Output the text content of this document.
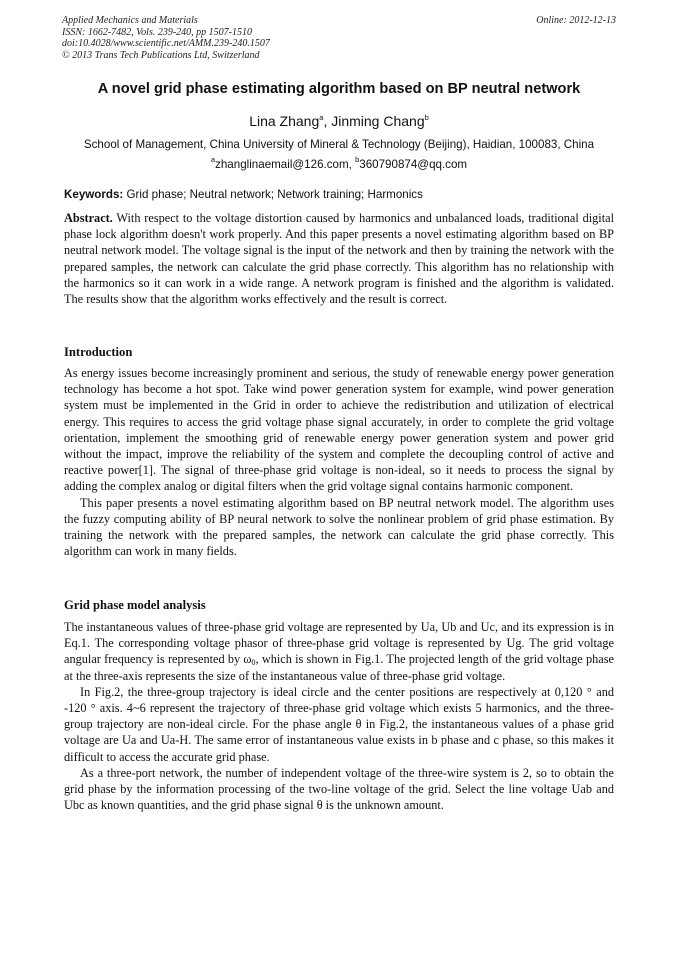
Applied Mechanics and Materials
ISSN: 1662-7482, Vols. 239-240, pp 1507-1510
doi:10.4028/www.scientific.net/AMM.239-240.1507
© 2013 Trans Tech Publications Ltd, Switzerland
Online: 2012-12-13
A novel grid phase estimating algorithm based on BP neutral network
Lina Zhang$^a$, Jinming Chang$^b$
School of Management, China University of Mineral & Technology (Beijing), Haidian, 100083, China
$^a$zhanglinaemail@126.com, $^b$360790874@qq.com
Keywords: Grid phase; Neutral network; Network training; Harmonics

Abstract. With respect to the voltage distortion caused by harmonics and unbalanced loads, traditional digital phase lock algorithm doesn't work properly. And this paper presents a novel estimating algorithm based on BP neutral network model. The voltage signal is the input of the network and then by training the network with the prepared samples, the network can calculate the grid phase correctly. This algorithm has no relationship with the harmonics so it can work in a wide range. A network program is finished and the algorithm is validated. The results show that the algorithm works effectively and the result is correct.

Introduction

As energy issues become increasingly prominent and serious, the study of renewable energy power generation technology has become a hot spot. Take wind power generation system for example, wind power generation system must be implemented in the Grid in order to achieve the redistribution and utilization of electrical energy. This requires to access the grid voltage phase signal accurately, in order to complete the grid voltage orientation, implement the smoothing grid of renewable energy power generation system and power grid without the impact, improve the reliability of the system and complete the decoupling control of active and reactive power[1]. The signal of three-phase grid voltage is non-ideal, so it needs to process the signal by adding the complex analog or digital filters when the grid voltage signal contains harmonic component.

This paper presents a novel estimating algorithm based on BP neutral network model. The algorithm uses the fuzzy computing ability of BP neural network to solve the nonlinear problem of grid phase estimation. By training the network with the prepared samples, the network can calculate the grid phase correctly. This algorithm can work in many fields.

Grid phase model analysis

The instantaneous values of three-phase grid voltage are represented by Ua, Ub and Uc, and its expression is in Eq.1. The corresponding voltage phasor of three-phase grid voltage is represented by Ug. The grid voltage angular frequency is represented by $\omega_0$, which is shown in Fig.1. The projected length of the grid voltage phase at the three-axis represents the size of the instantaneous value of three-phase grid voltage.

In Fig.2, the three-group trajectory is ideal circle and the center positions are respectively at 0,120 ° and -120 ° axis. 4~6 represent the trajectory of three-phase grid voltage which exists 5 harmonics, and the three-group trajectory are non-ideal circle. For the phase angle θ in Fig.2, the instantaneous values of a phase grid voltage are Ua and Ua-H. The same error of instantaneous value exists in b phase and c phase, so this makes it difficult to access the accurate grid phase.

As a three-port network, the number of independent voltage of the three-wire system is 2, so to obtain the grid phase by the information processing of the two-line voltage of the grid. Select the line voltage Uab and Ubc as known quantities, and the grid phase signal θ is the unknown amount.
